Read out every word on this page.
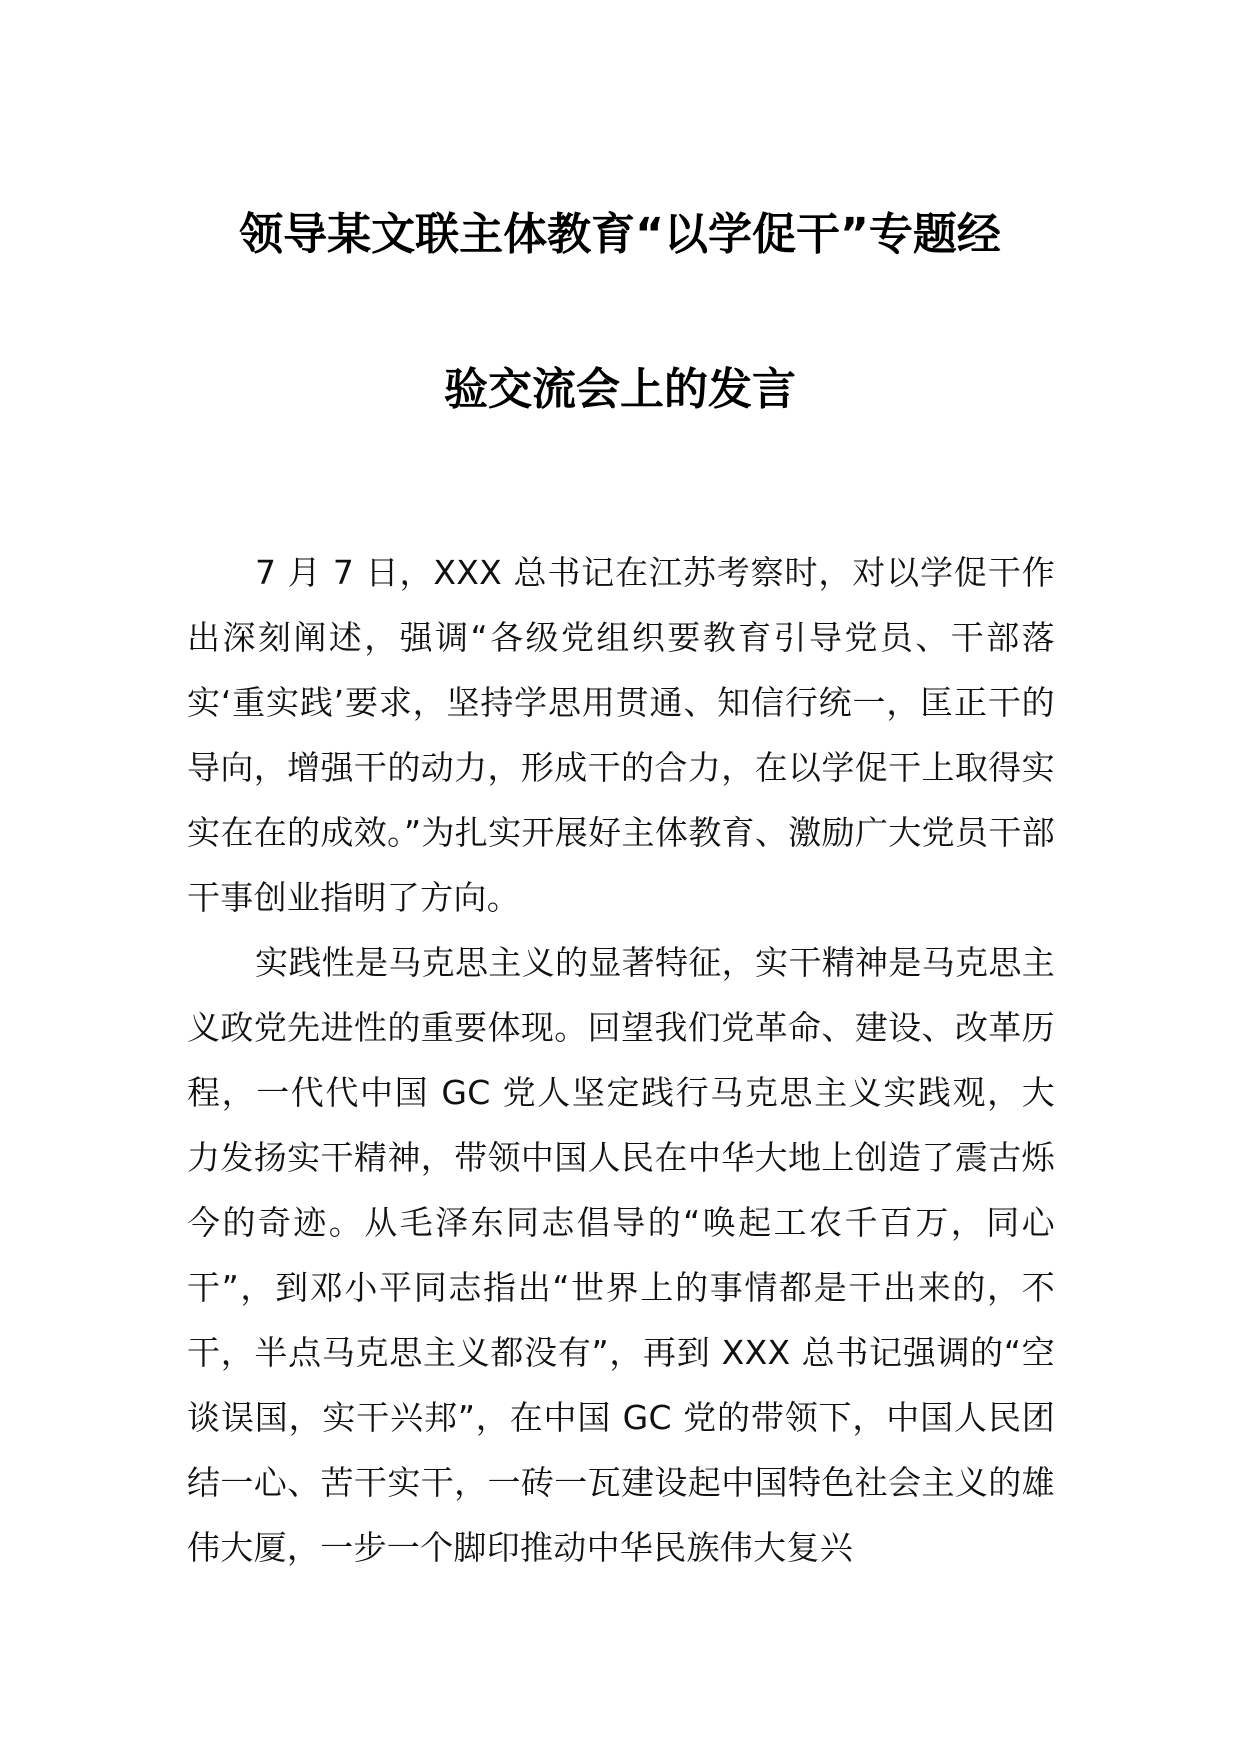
领导某文联主体教育“以学促干”专题经
验交流会上的发言

7 月 7 日，XXX 总书记在江苏考察时，对以学促干作出深刻阐述，强调“各级党组织要教育引导党员、干部落实‘重实践’要求，坚持学思用贯通、知信行统一，匡正干的导向，增强干的动力，形成干的合力，在以学促干上取得实实在在的成效。”为扎实开展好主体教育、激励广大党员干部干事创业指明了方向。

实践性是马克思主义的显著特征，实干精神是马克思主义政党先进性的重要体现。回望我们党革命、建设、改革历程，一代代中国 GC 党人坚定践行马克思主义实践观，大力发扬实干精神，带领中国人民在中华大地上创造了震古烁今的奇迹。从毛泽东同志倡导的“唤起工农千百万，同心干”，到邓小平同志指出“世界上的事情都是干出来的，不干，半点马克思主义都没有”，再到 XXX 总书记强调的“空谈误国，实干兴邦”，在中国 GC 党的带领下，中国人民团结一心、苦干实干，一砖一瓦建设起中国特色社会主义的雄伟大厦，一步一个脚印推动中华民族伟大复兴
